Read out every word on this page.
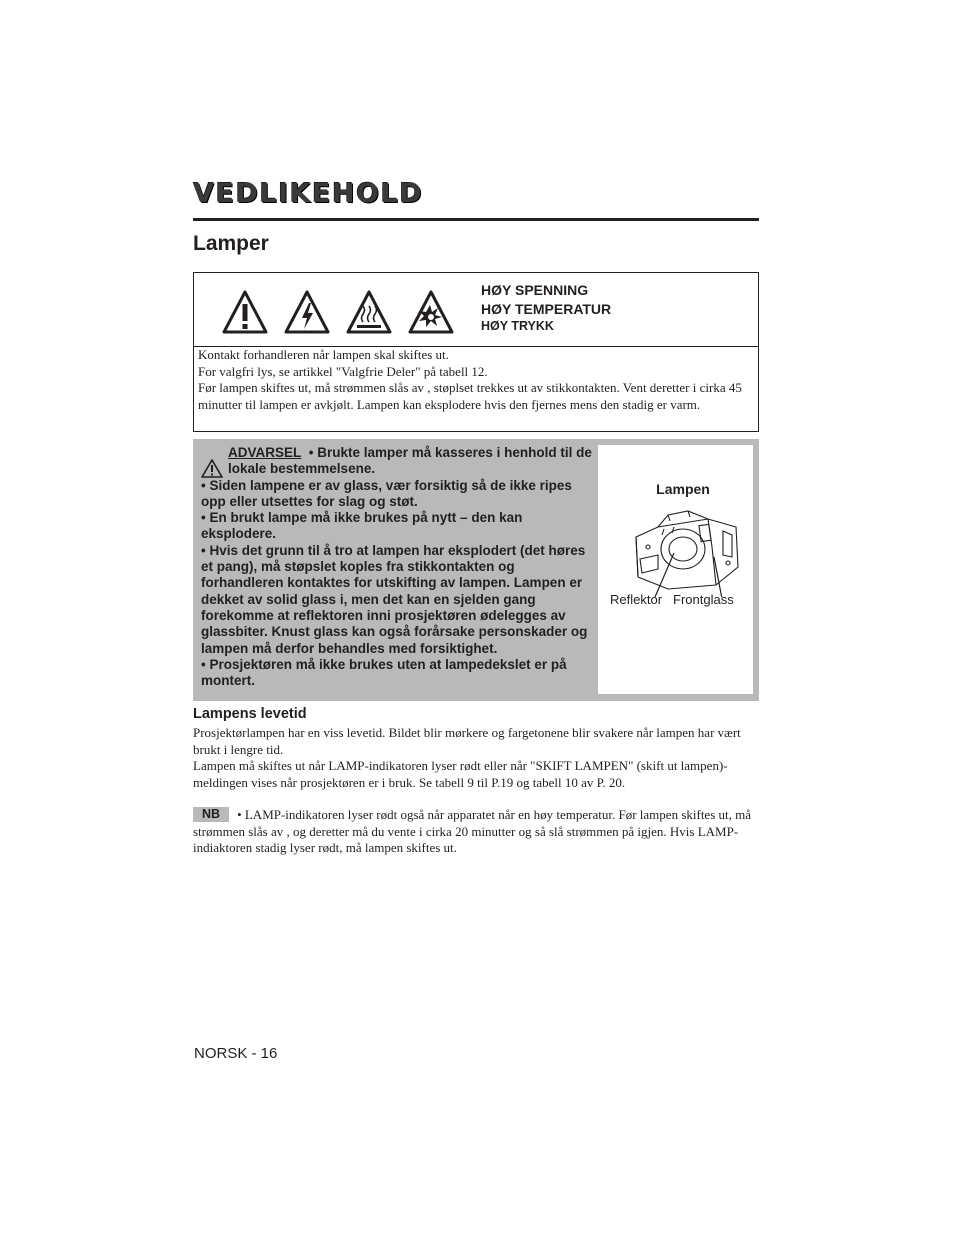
VEDLIKEHOLD
Lamper
HØY SPENNING
HØY TEMPERATUR
HØY TRYKK
Kontakt forhandleren når lampen skal skiftes ut.
For valgfri lys, se artikkel "Valgfrie Deler" på tabell 12.
Før lampen skiftes ut, må strømmen slås av , støplset trekkes ut av stikkontakten. Vent deretter i cirka 45 minutter til lampen er avkjølt. Lampen kan eksplodere hvis den fjernes mens den stadig er varm.

ADVARSEL • Brukte lamper må kasseres i henhold til de lokale bestemmelsene.

• Siden lampene er av glass, vær forsiktig så de ikke ripes opp eller utsettes for slag og støt.

• En brukt lampe må ikke brukes på nytt – den kan eksplodere.

• Hvis det grunn til å tro at lampen har eksplodert (det høres et pang), må støpslet koples fra stikkontakten og forhandleren kontaktes for utskifting av lampen. Lampen er dekket av solid glass i, men det kan en sjelden gang forekomme at reflektoren inni prosjektøren ødelegges av glassbiter. Knust glass kan også forårsake personskader og lampen må derfor behandles med forsiktighet.

• Prosjektøren må ikke brukes uten at lampedekslet er på montert.

Lampen
Reflektor Frontglass
Lampens levetid
Prosjektørlampen har en viss levetid. Bildet blir mørkere og fargetonene blir svakere når lampen har vært brukt i lengre tid.
Lampen må skiftes ut når LAMP-indikatoren lyser rødt eller når "SKIFT LAMPEN" (skift ut lampen)-meldingen vises når prosjektøren er i bruk. Se tabell 9 til P.19 og tabell 10 av P. 20.
NB • LAMP-indikatoren lyser rødt også når apparatet når en høy temperatur. Før lampen skiftes ut, må strømmen slås av , og deretter må du vente i cirka 20 minutter og så slå strømmen på igjen. Hvis LAMP-indiaktoren stadig lyser rødt, må lampen skiftes ut.
NORSK - 16
